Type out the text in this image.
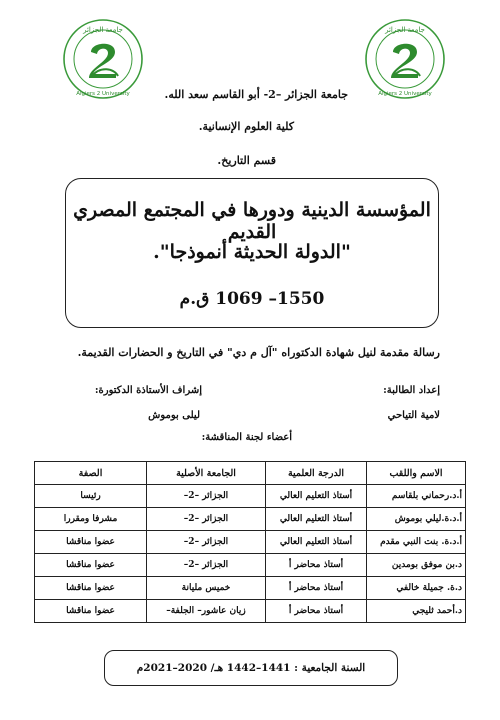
جامعة الجزائر
Algiers 2 University
جامعة الجزائر
Algiers 2 University
جامعة الجزائر –2- أبو القاسم سعد الله.
كلية العلوم الإنسانية.
قسم التاريخ.
المؤسسة الدينية ودورها في المجتمع المصري القديم
"الدولة الحديثة أنموذجا".
1550– 1069 ق.م
رسالة مقدمة لنيل شهادة الدكتوراه "آل م دي" في التاريخ و الحضارات القديمة.
إعداد الطالبة:
إشراف الأستاذة الدكتورة:
لامية التياحي
ليلى بوموش
أعضاء لجنة المناقشة:
الاسم واللقب	الدرجة العلمية	الجامعة الأصلية	الصفة
أ.د.رحماني بلقاسم	أستاذ التعليم العالي	الجزائر –2–	رئيسا
أ.د.ة.ليلي بوموش	أستاذ التعليم العالي	الجزائر –2–	مشرفا ومقررا
أ.د.ة. بنت النبي مقدم	أستاذ التعليم العالي	الجزائر –2–	عضوا مناقشا
د.بن موفق بومدين	أستاذ محاضر أ	الجزائر –2–	عضوا مناقشا
د.ة. جميلة خالفي	أستاذ محاضر أ	خميس مليانة	عضوا مناقشا
د.أحمد ثليجي	أستاذ محاضر أ	زيان عاشور– الجلفة–	عضوا مناقشا
السنة الجامعية : 1441–1442 هـ/ 2020–2021م
